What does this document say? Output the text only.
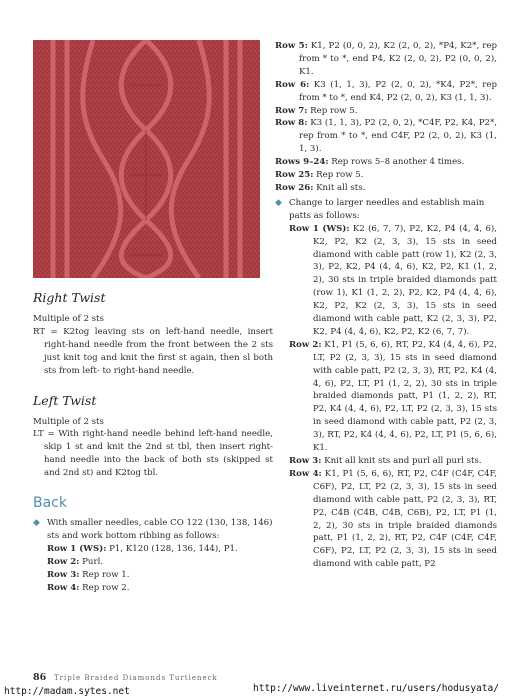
Right Twist

Multiple of 2 sts

RT = K2tog leaving sts on left-hand needle, insert right-hand needle from the front between the 2 sts just knit tog and knit the first st again, then sl both sts from left- to right-hand needle.

Left Twist

Multiple of 2 sts

LT = With right-hand needle behind left-hand needle, skip 1 st and knit the 2nd st tbl, then insert right-hand needle into the back of both sts (skipped st and 2nd st) and K2tog tbl.

Back

◆ With smaller needles, cable CO 122 (130, 138, 146) sts and work bottom ribbing as follows:

Row 1 (WS): P1, K120 (128, 136, 144), P1.

Row 2: Purl.

Row 3: Rep row 1.

Row 4: Rep row 2.

Row 5: K1, P2 (0, 0, 2), K2 (2, 0, 2), *P4, K2*, rep from * to *, end P4, K2 (2, 0, 2), P2 (0, 0, 2), K1.

Row 6: K3 (1, 1, 3), P2 (2, 0, 2), *K4, P2*, rep from * to *, end K4, P2 (2, 0, 2), K3 (1, 1, 3).

Row 7: Rep row 5.

Row 8: K3 (1, 1, 3), P2 (2, 0, 2), *C4F, P2, K4, P2*, rep from * to *, end C4F, P2 (2, 0, 2), K3 (1, 1, 3).

Rows 9–24: Rep rows 5–8 another 4 times.

Row 25: Rep row 5.

Row 26: Knit all sts.

◆ Change to larger needles and establish main patts as follows:

Row 1 (WS): K2 (6, 7, 7), P2, K2, P4 (4, 4, 6), K2, P2, K2 (2, 3, 3), 15 sts in seed diamond with cable patt (row 1), K2 (2, 3, 3), P2, K2, P4 (4, 4, 6), K2, P2, K1 (1, 2, 2), 30 sts in triple braided diamonds patt (row 1), K1 (1, 2, 2), P2, K2, P4 (4, 4, 6), K2, P2, K2 (2, 3, 3), 15 sts in seed diamond with cable patt, K2 (2, 3, 3), P2, K2, P4 (4, 4, 6), K2, P2, K2 (6, 7, 7).

Row 2: K1, P1 (5, 6, 6), RT, P2, K4 (4, 4, 6), P2, LT, P2 (2, 3, 3), 15 sts in seed diamond with cable patt, P2 (2, 3, 3), RT, P2, K4 (4, 4, 6), P2, LT, P1 (1, 2, 2), 30 sts in triple braided diamonds patt, P1 (1, 2, 2), RT, P2, K4 (4, 4, 6), P2, LT, P2 (2, 3, 3), 15 sts in seed diamond with cable patt, P2 (2, 3, 3), RT, P2, K4 (4, 4, 6), P2, LT, P1 (5, 6, 6), K1.

Row 3: Knit all knit sts and purl all purl sts.

Row 4: K1, P1 (5, 6, 6), RT, P2, C4F (C4F, C4F, C6F), P2, LT, P2 (2, 3, 3), 15 sts in seed diamond with cable patt, P2 (2, 3, 3), RT, P2, C4B (C4B, C4B, C6B), P2, LT, P1 (1, 2, 2), 30 sts in triple braided diamonds patt, P1 (1, 2, 2), RT, P2, C4F (C4F, C4F, C6F), P2, LT, P2 (2, 3, 3), 15 sts in seed diamond with cable patt, P2

86 Triple Braided Diamonds Turtleneck
http://madam.sytes.net	http://www.liveinternet.ru/users/hodusyata/
